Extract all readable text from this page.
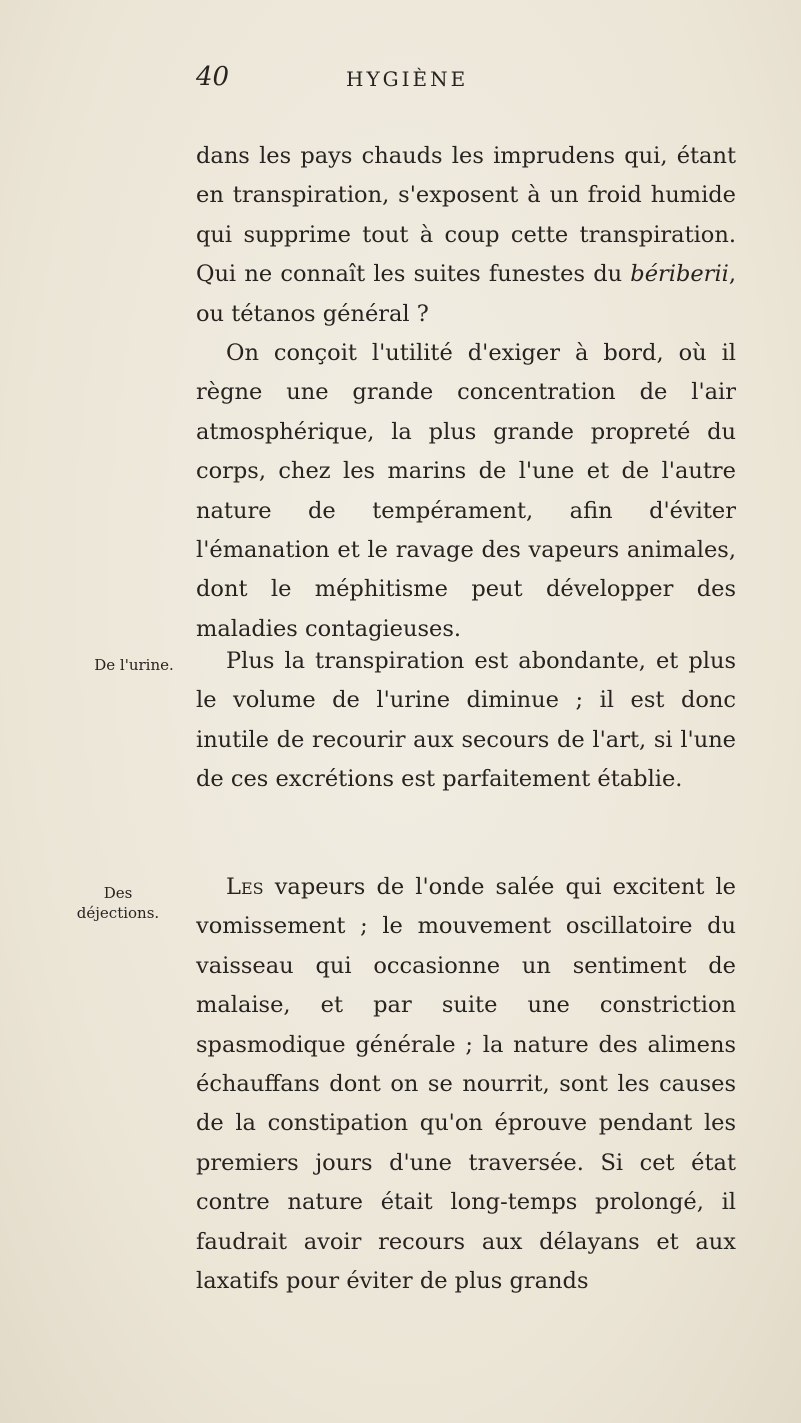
40	HYGIÈNE

dans les pays chauds les imprudens qui, étant en transpiration, s'exposent à un froid humide qui supprime tout à coup cette transpiration. Qui ne connaît les suites funestes du bériberii, ou tétanos général ?

On conçoit l'utilité d'exiger à bord, où il règne une grande concentration de l'air atmosphérique, la plus grande propreté du corps, chez les marins de l'une et de l'autre nature de tempérament, afin d'éviter l'émanation et le ravage des vapeurs animales, dont le méphitisme peut développer des maladies contagieuses.

De l'urine.	Plus la transpiration est abondante, et plus le volume de l'urine diminue ; il est donc inutile de recourir aux secours de l'art, si l'une de ces excrétions est parfaitement établie.

Des déjections.

Les vapeurs de l'onde salée qui excitent le vomissement ; le mouvement oscillatoire du vaisseau qui occasionne un sentiment de malaise, et par suite une constriction spasmodique générale ; la nature des alimens échauffans dont on se nourrit, sont les causes de la constipation qu'on éprouve pendant les premiers jours d'une traversée. Si cet état contre nature était long-temps prolongé, il faudrait avoir recours aux délayans et aux laxatifs pour éviter de plus grands
